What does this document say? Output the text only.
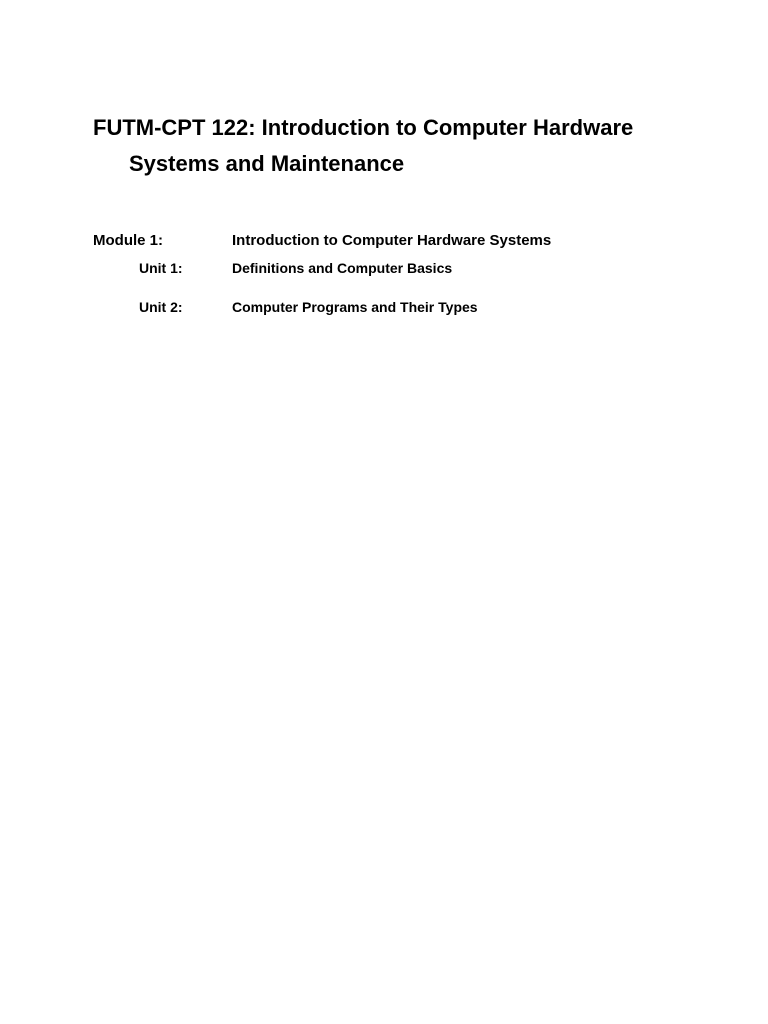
FUTM-CPT 122: Introduction to Computer Hardware
Systems and Maintenance
Module 1:	Introduction to Computer Hardware Systems
Unit 1:	Definitions and Computer Basics
Unit 2:	Computer Programs and Their Types
